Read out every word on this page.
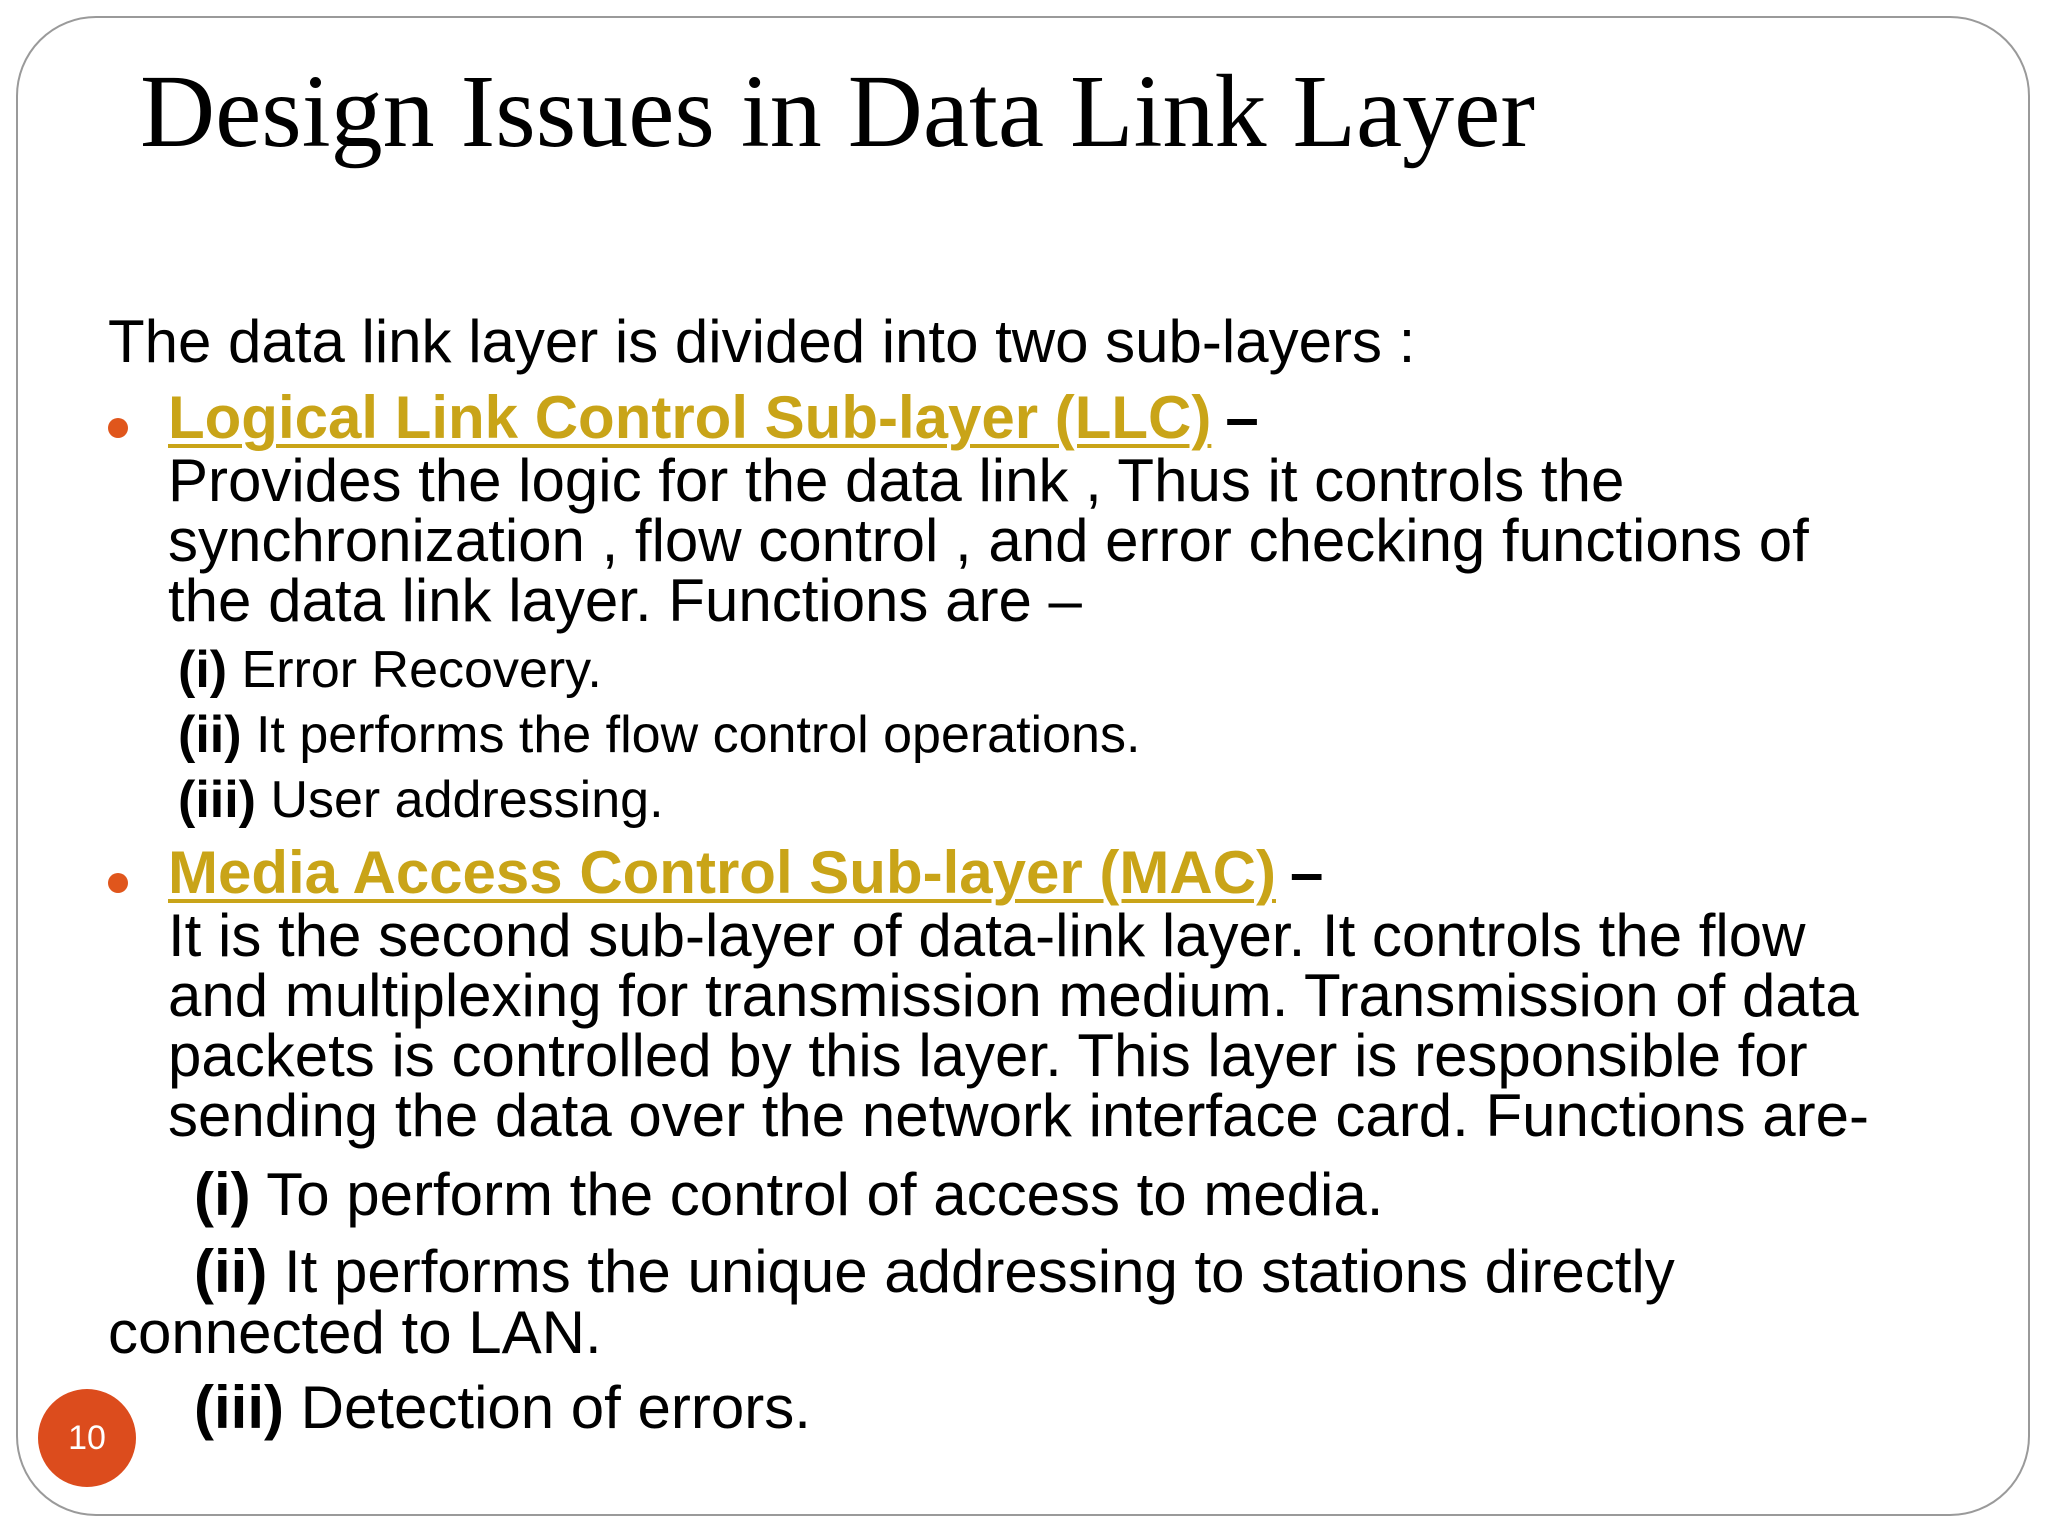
Design Issues in Data Link Layer
The data link layer is divided into two sub-layers :
Logical Link Control Sub-layer (LLC) –
Provides the logic for the data link , Thus it controls the
synchronization , flow control , and error checking functions of
the data link layer. Functions are –
(i) Error Recovery.
(ii) It performs the flow control operations.
(iii) User addressing.
Media Access Control Sub-layer (MAC) –
It is the second sub-layer of data-link layer. It controls the flow
and multiplexing for transmission medium. Transmission of data
packets is controlled by this layer. This layer is responsible for
sending the data over the network interface card. Functions are-
(i) To perform the control of access to media.
(ii) It performs the unique addressing to stations directly
connected to LAN.
(iii) Detection of errors.
10
